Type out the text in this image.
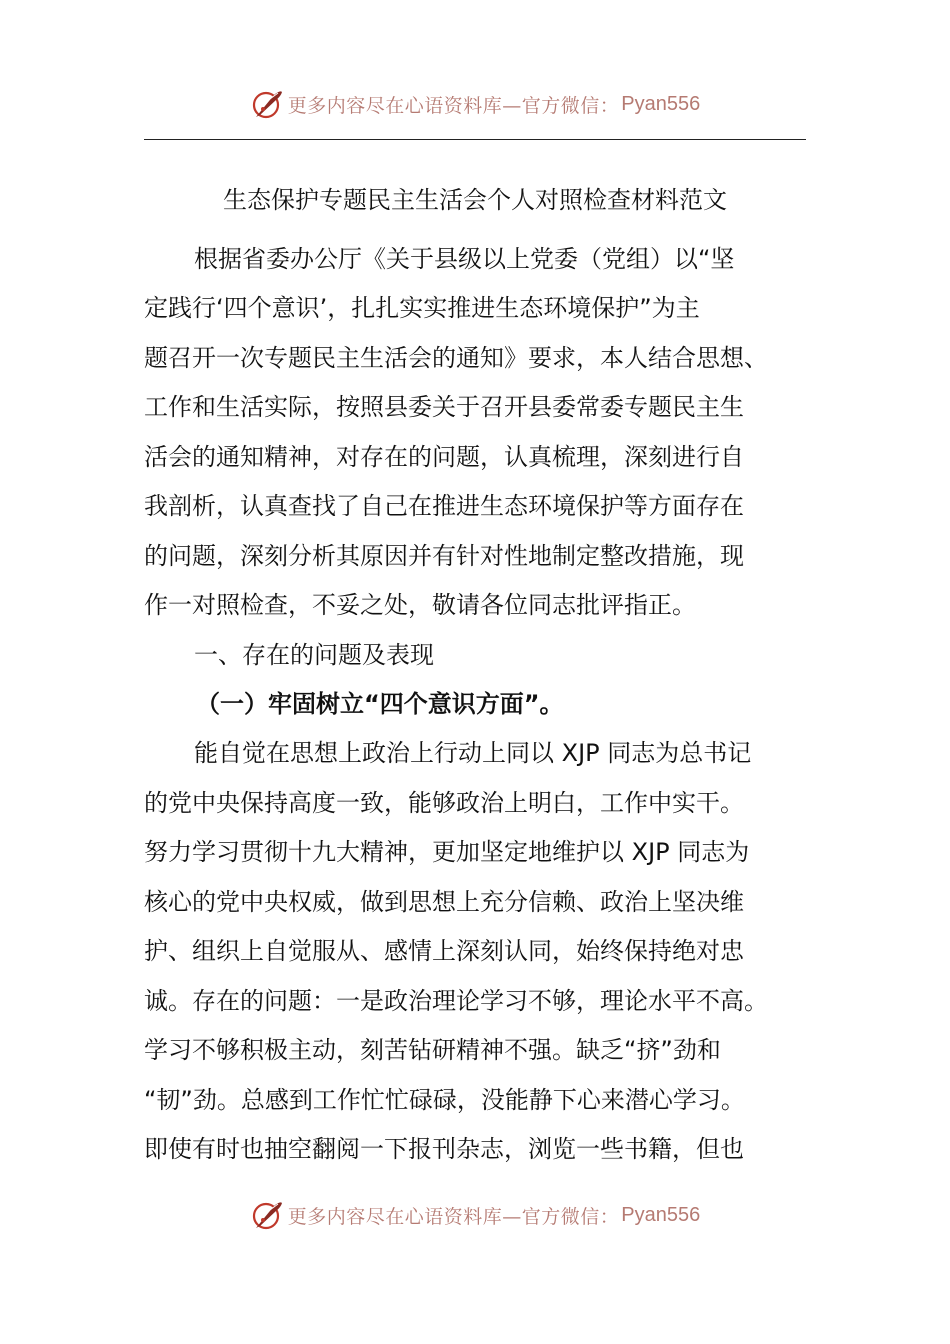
更多内容尽在心语资料库—官方微信： Pyan556
生态保护专题民主生活会个人对照检查材料范文
根据省委办公厅《关于县级以上党委（党组）以“坚
定践行‘四个意识’，扎扎实实推进生态环境保护”为主
题召开一次专题民主生活会的通知》要求，本人结合思想、
工作和生活实际，按照县委关于召开县委常委专题民主生
活会的通知精神，对存在的问题，认真梳理，深刻进行自
我剖析，认真查找了自己在推进生态环境保护等方面存在
的问题，深刻分析其原因并有针对性地制定整改措施，现
作一对照检查，不妥之处，敬请各位同志批评指正。
一、存在的问题及表现
（一）牢固树立“四个意识方面”。
能自觉在思想上政治上行动上同以 XJP 同志为总书记
的党中央保持高度一致，能够政治上明白，工作中实干。
努力学习贯彻十九大精神，更加坚定地维护以 XJP 同志为
核心的党中央权威，做到思想上充分信赖、政治上坚决维
护、组织上自觉服从、感情上深刻认同，始终保持绝对忠
诚。存在的问题：一是政治理论学习不够，理论水平不高。
学习不够积极主动，刻苦钻研精神不强。缺乏“挤”劲和
“韧”劲。总感到工作忙忙碌碌，没能静下心来潜心学习。
即使有时也抽空翻阅一下报刊杂志，浏览一些书籍，但也
更多内容尽在心语资料库—官方微信： Pyan556
